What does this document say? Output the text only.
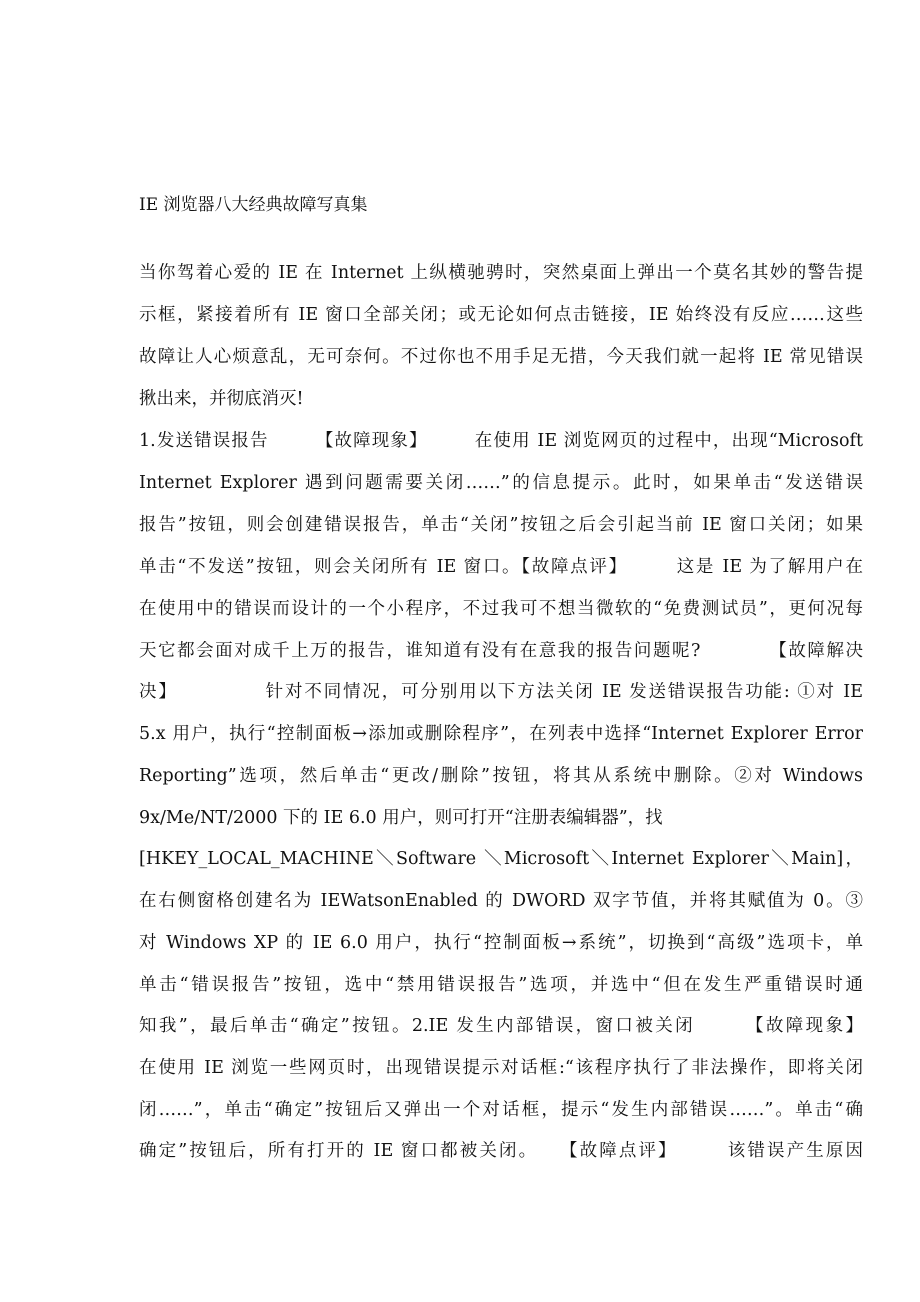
IE 浏览器八大经典故障写真集
当你驾着心爱的 IE 在 Internet 上纵横驰骋时，突然桌面上弹出一个莫名其妙的警告提
示框，紧接着所有 IE 窗口全部关闭；或无论如何点击链接，IE 始终没有反应……这些
故障让人心烦意乱，无可奈何。不过你也不用手足无措，今天我们就一起将 IE 常见错误
揪出来，并彻底消灭!
1.发送错误报告　　　【故障现象】　　　在使用 IE 浏览网页的过程中，出现“Microsoft
Internet Explorer 遇到问题需要关闭……”的信息提示。此时，如果单击“发送错误
报告”按钮，则会创建错误报告，单击“关闭”按钮之后会引起当前 IE 窗口关闭；如果
单击“不发送”按钮，则会关闭所有 IE 窗口。【故障点评】　　　这是 IE 为了解用户在
在使用中的错误而设计的一个小程序，不过我可不想当微软的“免费测试员”，更何况每
天它都会面对成千上万的报告，谁知道有没有在意我的报告问题呢?　　　　【故障解决
决】　　　　　针对不同情况，可分别用以下方法关闭 IE 发送错误报告功能: ①对 IE
5.x 用户，执行“控制面板→添加或删除程序”，在列表中选择“Internet Explorer Error
Reporting”选项，然后单击“更改/删除”按钮，将其从系统中删除。②对 Windows
9x/Me/NT/2000 下的 IE 6.0 用户，则可打开“注册表编辑器”，找
[HKEY_LOCAL_MACHINE＼Software ＼Microsoft＼Internet Explorer＼Main]，
在右侧窗格创建名为 IEWatsonEnabled 的 DWORD 双字节值，并将其赋值为 0。③
对 Windows XP 的 IE 6.0 用户，执行“控制面板→系统”，切换到“高级”选项卡，单
单击“错误报告”按钮，选中“禁用错误报告”选项，并选中“但在发生严重错误时通
知我”，最后单击“确定”按钮。2.IE 发生内部错误，窗口被关闭　　　【故障现象】
在使用 IE 浏览一些网页时，出现错误提示对话框:“该程序执行了非法操作，即将关闭
闭……”，单击“确定”按钮后又弹出一个对话框，提示“发生内部错误……”。单击“确
确定”按钮后，所有打开的 IE 窗口都被关闭。　　【故障点评】　　　该错误产生原因
